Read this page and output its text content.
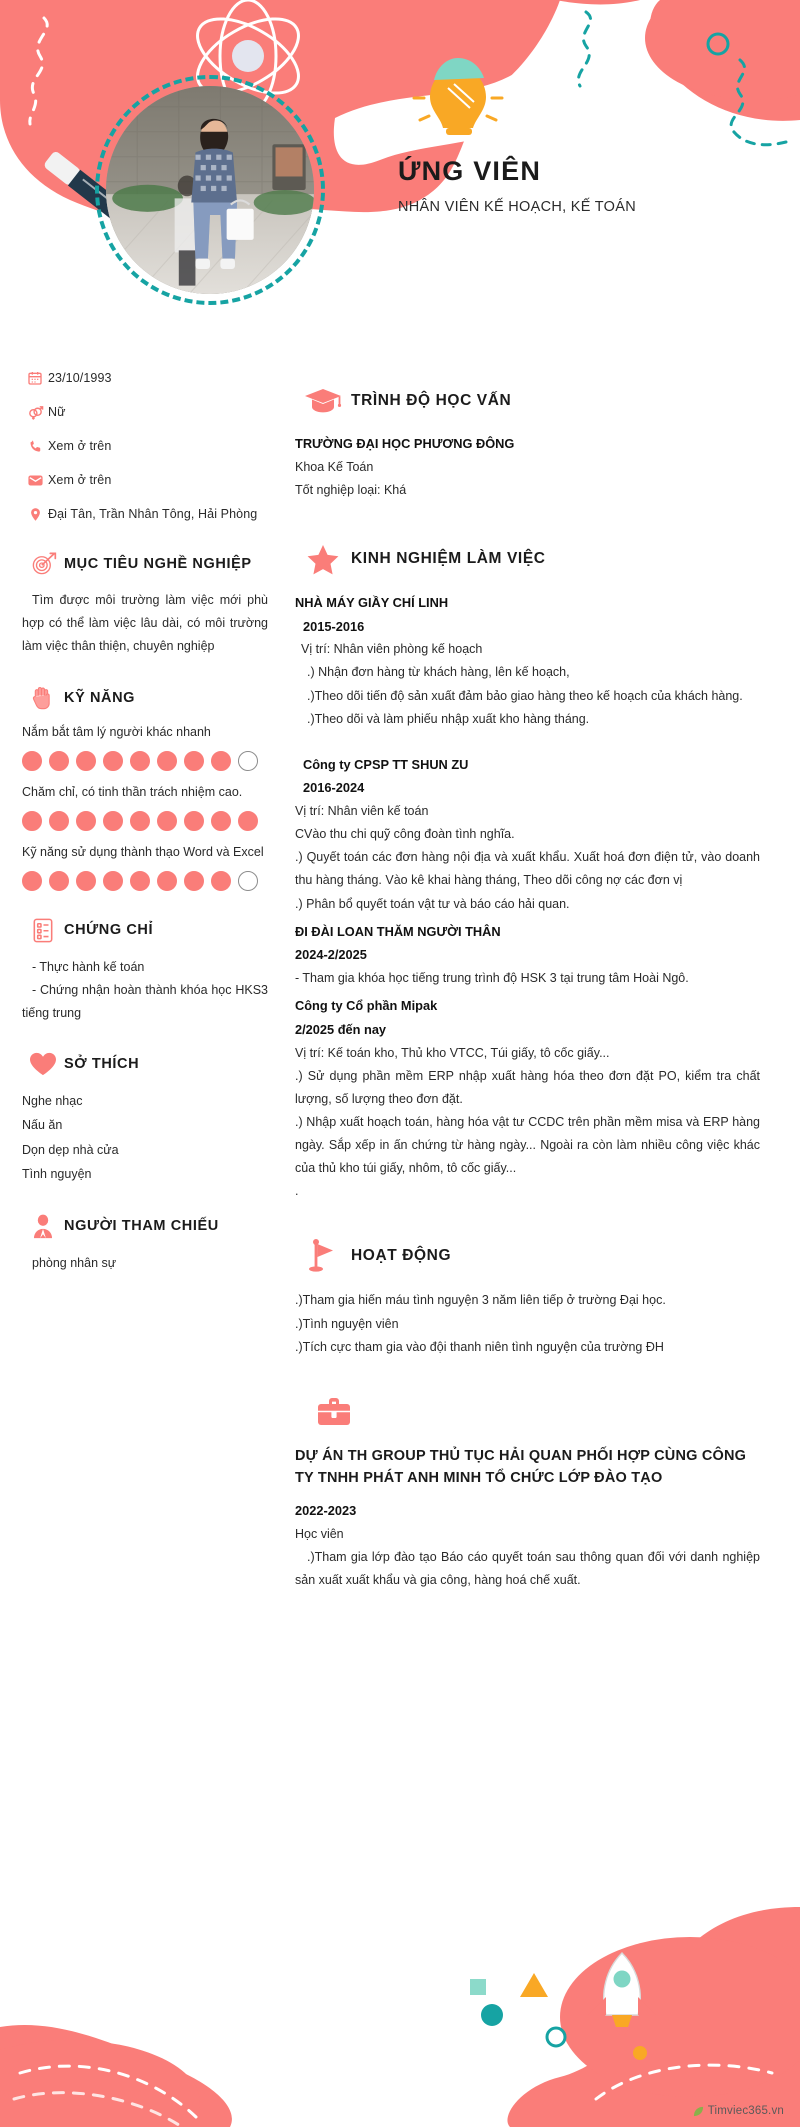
ỨNG VIÊN
NHÂN VIÊN KẾ HOẠCH, KẾ TOÁN
23/10/1993
Nữ
Xem ở trên
Xem ở trên
Đại Tân, Trần Nhân Tông, Hải Phòng
MỤC TIÊU NGHỀ NGHIỆP
Tìm được môi trường làm việc mới phù hợp có thể làm việc lâu dài, có môi trường làm việc thân thiện, chuyên nghiệp
KỸ NĂNG
Nắm bắt tâm lý người khác nhanh
Chăm chỉ, có tinh thần trách nhiệm cao.
Kỹ năng sử dụng thành thạo Word và Excel
CHỨNG CHỈ
- Thực hành kế toán
- Chứng nhận hoàn thành khóa học HKS3 tiếng trung
SỞ THÍCH
Nghe nhạc
Nấu ăn
Dọn dẹp nhà cửa
Tình nguyện
NGƯỜI THAM CHIẾU
phòng nhân sự
TRÌNH ĐỘ HỌC VẤN
TRƯỜNG ĐẠI HỌC PHƯƠNG ĐÔNG
Khoa Kế Toán
Tốt nghiệp loại: Khá
KINH NGHIỆM LÀM VIỆC
NHÀ MÁY GIẦY CHÍ LINH
2015-2016
Vị trí: Nhân viên phòng kế hoạch
.) Nhận đơn hàng từ khách hàng, lên kế hoạch,
.)Theo dõi tiến độ sản xuất đảm bảo giao hàng theo kế hoạch của khách hàng.
.)Theo dõi và làm phiếu nhập xuất kho hàng tháng.
Công ty CPSP TT SHUN ZU
2016-2024
Vị trí: Nhân viên kế toán
CVào thu chi quỹ công đoàn tình nghĩa.
.) Quyết toán các đơn hàng nội địa và xuất khẩu. Xuất hoá đơn điện tử, vào doanh thu hàng tháng. Vào kê khai hàng tháng, Theo dõi công nợ các đơn vị
.) Phân bổ quyết toán vật tư và báo cáo hải quan.
ĐI ĐÀI LOAN THĂM NGƯỜI THÂN
2024-2/2025
- Tham gia khóa học tiếng trung trình độ HSK 3 tại trung tâm Hoài Ngô.
Công ty Cổ phần Mipak
2/2025 đến nay
Vị trí: Kế toán kho, Thủ kho VTCC, Túi giấy, tô cốc giấy...
.) Sử dụng phần mềm ERP nhập xuất hàng hóa theo đơn đặt PO, kiểm tra chất lượng, số lượng theo đơn đặt.
.) Nhập xuất hoạch toán, hàng hóa vật tư CCDC trên phần mềm misa và ERP hàng ngày. Sắp xếp in ấn chứng từ hàng ngày... Ngoài ra còn làm nhiều công việc khác của thủ kho túi giấy, nhôm, tô cốc giấy...
.
HOẠT ĐỘNG
.)Tham gia hiến máu tình nguyện 3 năm liên tiếp ở trường Đại học.
.)Tình nguyện viên
.)Tích cực tham gia vào đội thanh niên tình nguyện của trường ĐH
DỰ ÁN TH GROUP THỦ TỤC HẢI QUAN PHỐI HỢP CÙNG CÔNG TY TNHH PHÁT ANH MINH TỔ CHỨC LỚP ĐÀO TẠO
2022-2023
Học viên
.)Tham gia lớp đào tạo Báo cáo quyết toán sau thông quan đối với danh nghiệp sản xuất xuất khẩu và gia công, hàng hoá chế xuất.
Timviec365.vn
